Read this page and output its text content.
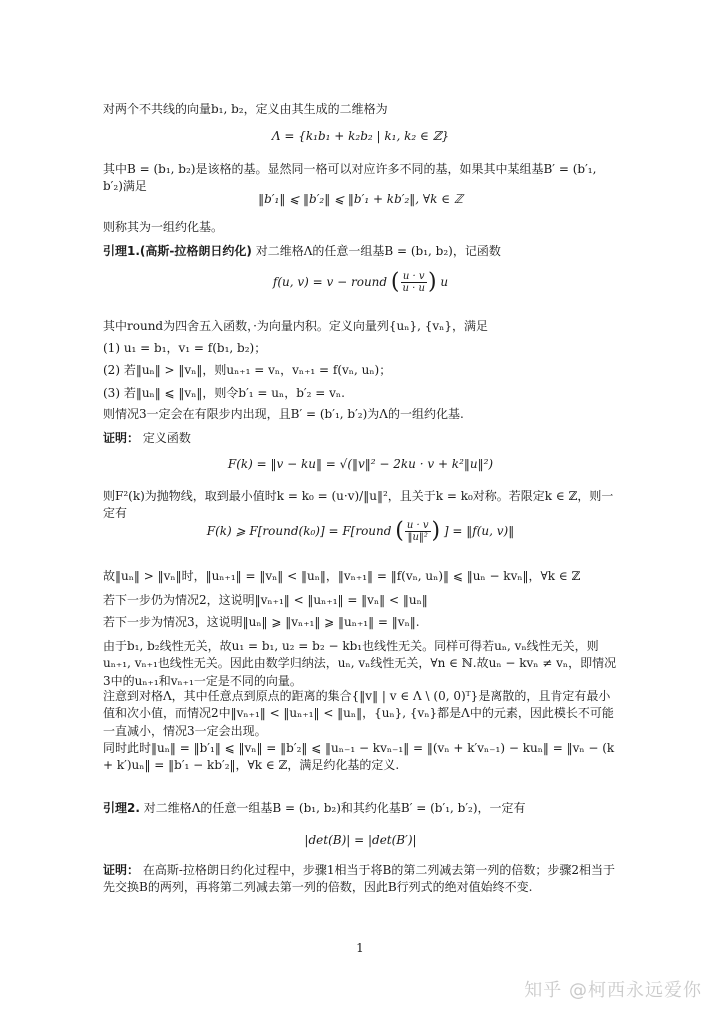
对两个不共线的向量b₁, b₂，定义由其生成的二维格为
Λ = {k₁b₁ + k₂b₂ | k₁, k₂ ∈ ℤ}
其中B = (b₁, b₂)是该格的基。显然同一格可以对应许多不同的基，如果其中某组基B′ = (b′₁, b′₂)满足
‖b′₁‖ ⩽ ‖b′₂‖ ⩽ ‖b′₁ + kb′₂‖, ∀k ∈ ℤ
则称其为一组约化基。
引理1.(高斯-拉格朗日约化) 对二维格Λ的任意一组基B = (b₁, b₂)，记函数
f(u, v) = v − round ( $\frac{u \cdot v}{u \cdot u}$ ) u
其中round为四舍五入函数，·为向量内积。定义向量列{uₙ}, {vₙ}，满足
(1) u₁ = b₁，v₁ = f(b₁, b₂)；
(2) 若‖uₙ‖ > ‖vₙ‖，则uₙ₊₁ = vₙ，vₙ₊₁ = f(vₙ, uₙ)；
(3) 若‖uₙ‖ ⩽ ‖vₙ‖，则令b′₁ = uₙ，b′₂ = vₙ.
则情况3一定会在有限步内出现，且B′ = (b′₁, b′₂)为Λ的一组约化基.
证明： 定义函数
F(k) = ‖v − ku‖ = √(‖v‖² − 2ku · v + k²‖u‖²)
则F²(k)为抛物线，取到最小值时k = k₀ = (u·v)/‖u‖²，且关于k = k₀对称。若限定k ∈ ℤ，则一定有
F(k) ⩾ F[round(k₀)] = F[round ( $\frac{u \cdot v}{\text{‖u‖²}}$ ) ] = ‖f(u, v)‖
故‖uₙ‖ > ‖vₙ‖时，‖uₙ₊₁‖ = ‖vₙ‖ < ‖uₙ‖，‖vₙ₊₁‖ = ‖f(vₙ, uₙ)‖ ⩽ ‖uₙ − kvₙ‖，∀k ∈ ℤ
若下一步仍为情况2，这说明‖vₙ₊₁‖ < ‖uₙ₊₁‖ = ‖vₙ‖ < ‖uₙ‖
若下一步为情况3，这说明‖uₙ‖ ⩾ ‖vₙ₊₁‖ ⩾ ‖uₙ₊₁‖ = ‖vₙ‖.
由于b₁, b₂线性无关，故u₁ = b₁, u₂ = b₂ − kb₁也线性无关。同样可得若uₙ, vₙ线性无关，则uₙ₊₁, vₙ₊₁也线性无关。因此由数学归纳法，uₙ, vₙ线性无关，∀n ∈ ℕ.故uₙ − kvₙ ≠ vₙ，即情况3中的uₙ₊₁和vₙ₊₁一定是不同的向量。
注意到对格Λ，其中任意点到原点的距离的集合{‖v‖ | v ∈ Λ \ (0, 0)ᵀ}是离散的，且肯定有最小值和次小值，而情况2中‖vₙ₊₁‖ < ‖uₙ₊₁‖ < ‖uₙ‖，{uₙ}, {vₙ}都是Λ中的元素，因此模长不可能一直减小，情况3一定会出现。
同时此时‖uₙ‖ = ‖b′₁‖ ⩽ ‖vₙ‖ = ‖b′₂‖ ⩽ ‖uₙ₋₁ − kvₙ₋₁‖ = ‖(vₙ + k′vₙ₋₁) − kuₙ‖ = ‖vₙ − (k + k′)uₙ‖ = ‖b′₁ − kb′₂‖，∀k ∈ ℤ，满足约化基的定义.
引理2. 对二维格Λ的任意一组基B = (b₁, b₂)和其约化基B′ = (b′₁, b′₂)，一定有
|det(B)| = |det(B′)|
证明： 在高斯-拉格朗日约化过程中，步骤1相当于将B的第二列减去第一列的倍数；步骤2相当于先交换B的两列，再将第二列减去第一列的倍数，因此B行列式的绝对值始终不变.
1
知乎 @柯西永远爱你
